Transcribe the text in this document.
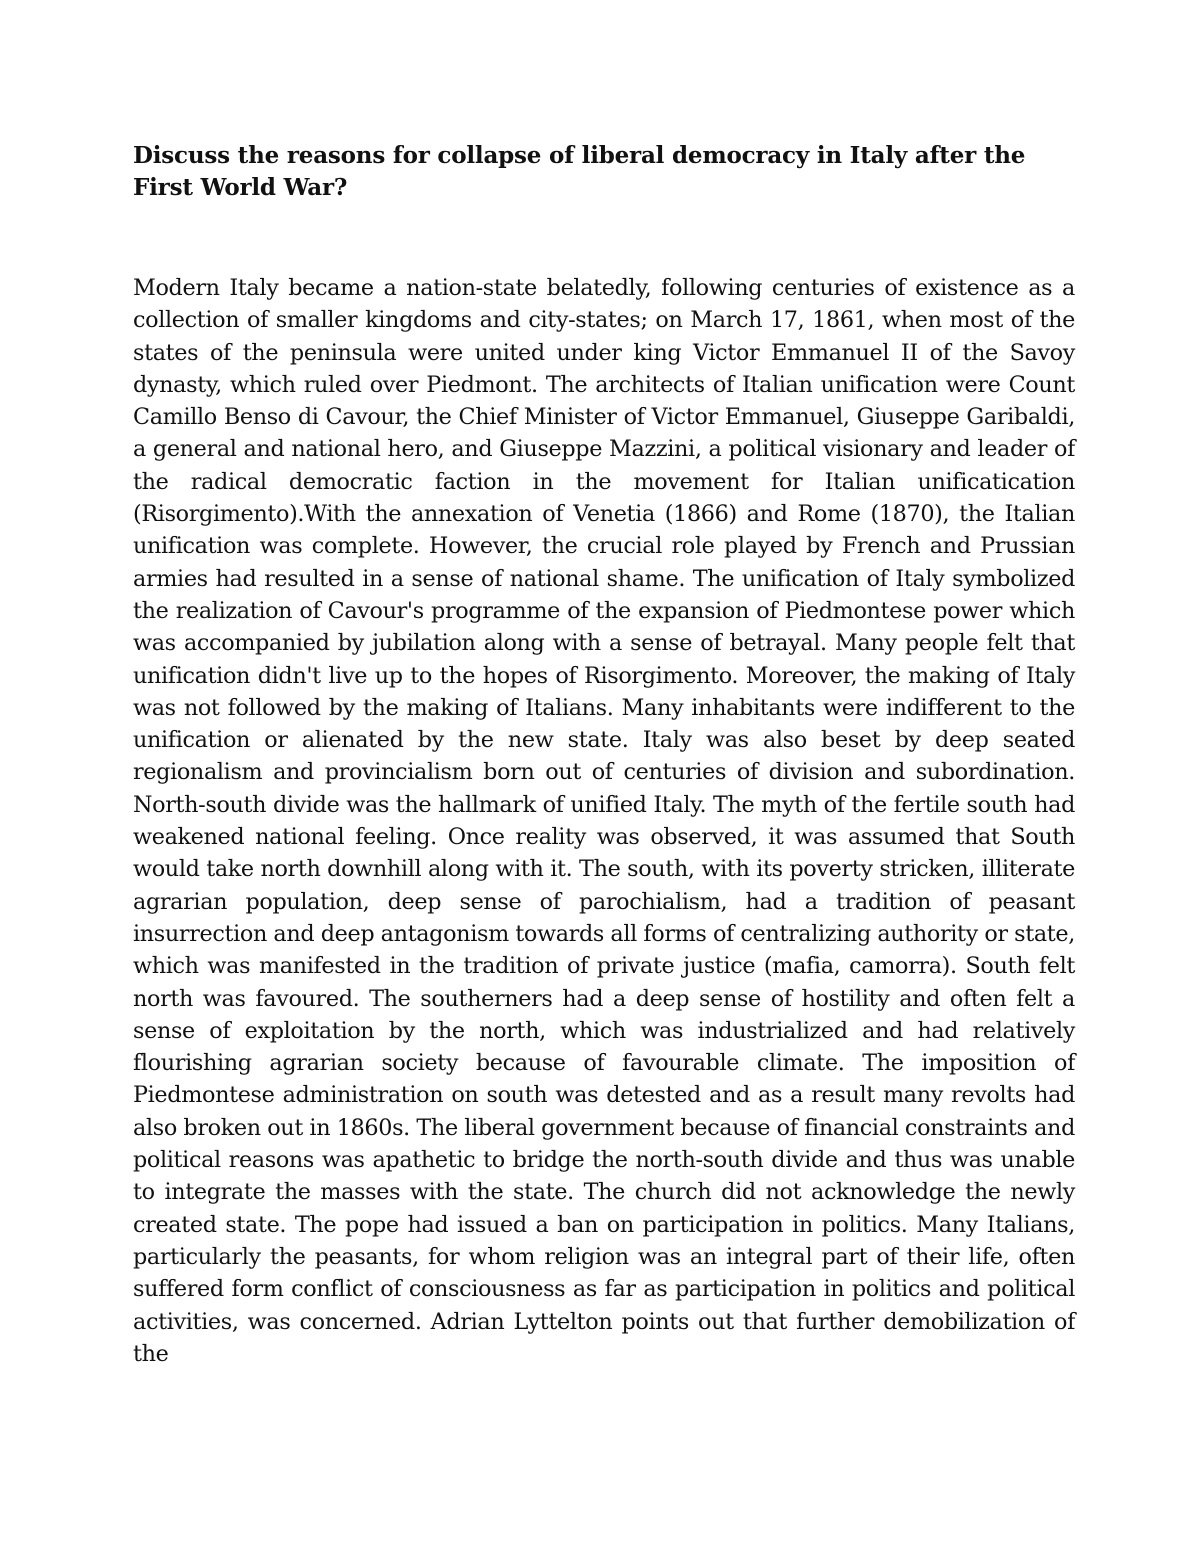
Discuss the reasons for collapse of liberal democracy in Italy after the First World War?

Modern Italy became a nation-state belatedly, following centuries of existence as a collection of smaller kingdoms and city-states; on March 17, 1861, when most of the states of the peninsula were united under king Victor Emmanuel II of the Savoy dynasty, which ruled over Piedmont. The architects of Italian unification were Count Camillo Benso di Cavour, the Chief Minister of Victor Emmanuel, Giuseppe Garibaldi, a general and national hero, and Giuseppe Mazzini, a political visionary and leader of the radical democratic faction in the movement for Italian unificatication (Risorgimento).With the annexation of Venetia (1866) and Rome (1870), the Italian unification was complete. However, the crucial role played by French and Prussian armies had resulted in a sense of national shame. The unification of Italy symbolized the realization of Cavour's programme of the expansion of Piedmontese power which was accompanied by jubilation along with a sense of betrayal. Many people felt that unification didn't live up to the hopes of Risorgimento. Moreover, the making of Italy was not followed by the making of Italians. Many inhabitants were indifferent to the unification or alienated by the new state. Italy was also beset by deep seated regionalism and provincialism born out of centuries of division and subordination. North-south divide was the hallmark of unified Italy. The myth of the fertile south had weakened national feeling. Once reality was observed, it was assumed that South would take north downhill along with it. The south, with its poverty stricken, illiterate agrarian population, deep sense of parochialism, had a tradition of peasant insurrection and deep antagonism towards all forms of centralizing authority or state, which was manifested in the tradition of private justice (mafia, camorra). South felt north was favoured. The southerners had a deep sense of hostility and often felt a sense of exploitation by the north, which was industrialized and had relatively flourishing agrarian society because of favourable climate. The imposition of Piedmontese administration on south was detested and as a result many revolts had also broken out in 1860s. The liberal government because of financial constraints and political reasons was apathetic to bridge the north-south divide and thus was unable to integrate the masses with the state. The church did not acknowledge the newly created state. The pope had issued a ban on participation in politics. Many Italians, particularly the peasants, for whom religion was an integral part of their life, often suffered form conflict of consciousness as far as participation in politics and political activities, was concerned. Adrian Lyttelton points out that further demobilization of the
